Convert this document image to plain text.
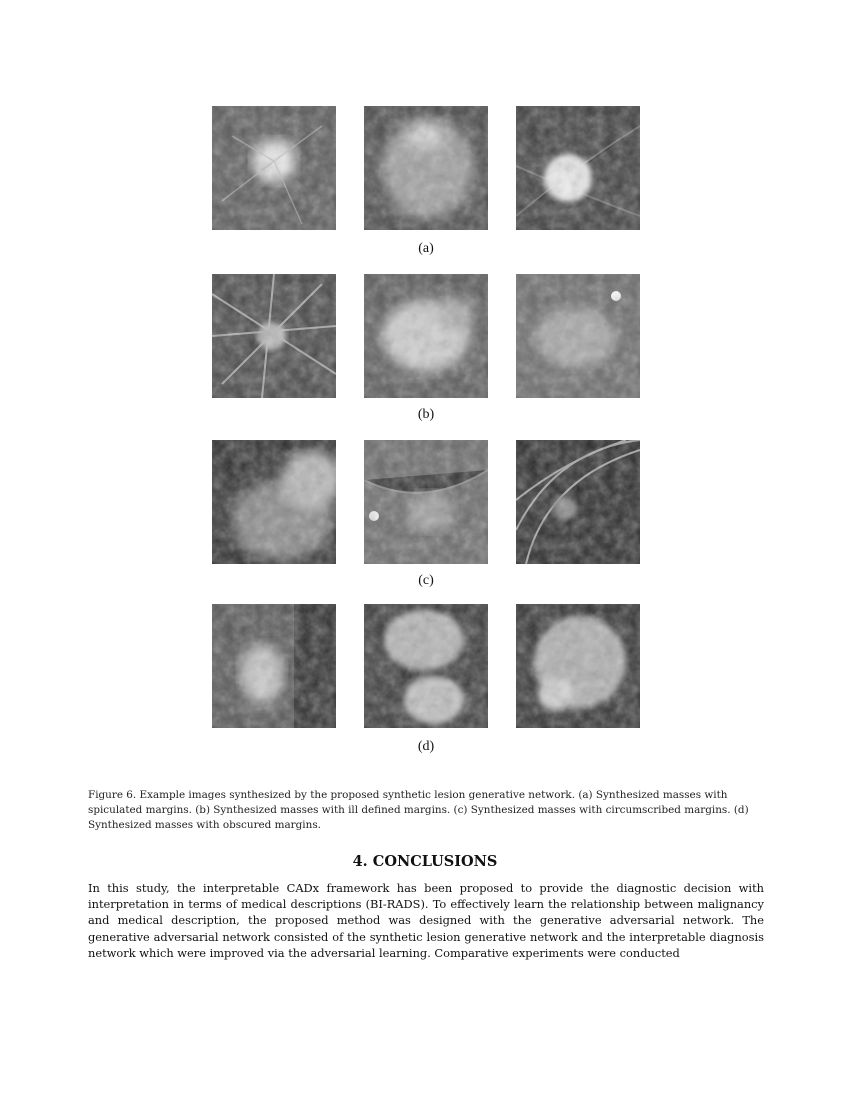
(a)
(b)
(c)
(d)
Figure 6. Example images synthesized by the proposed synthetic lesion generative network. (a) Synthesized masses with spiculated margins. (b) Synthesized masses with ill defined margins. (c) Synthesized masses with circumscribed margins. (d) Synthesized masses with obscured margins.
4. CONCLUSIONS
In this study, the interpretable CADx framework has been proposed to provide the diagnostic decision with interpretation in terms of medical descriptions (BI-RADS). To effectively learn the relationship between malignancy and medical description, the proposed method was designed with the generative adversarial network. The generative adversarial network consisted of the synthetic lesion generative network and the interpretable diagnosis network which were improved via the adversarial learning. Comparative experiments were conducted
